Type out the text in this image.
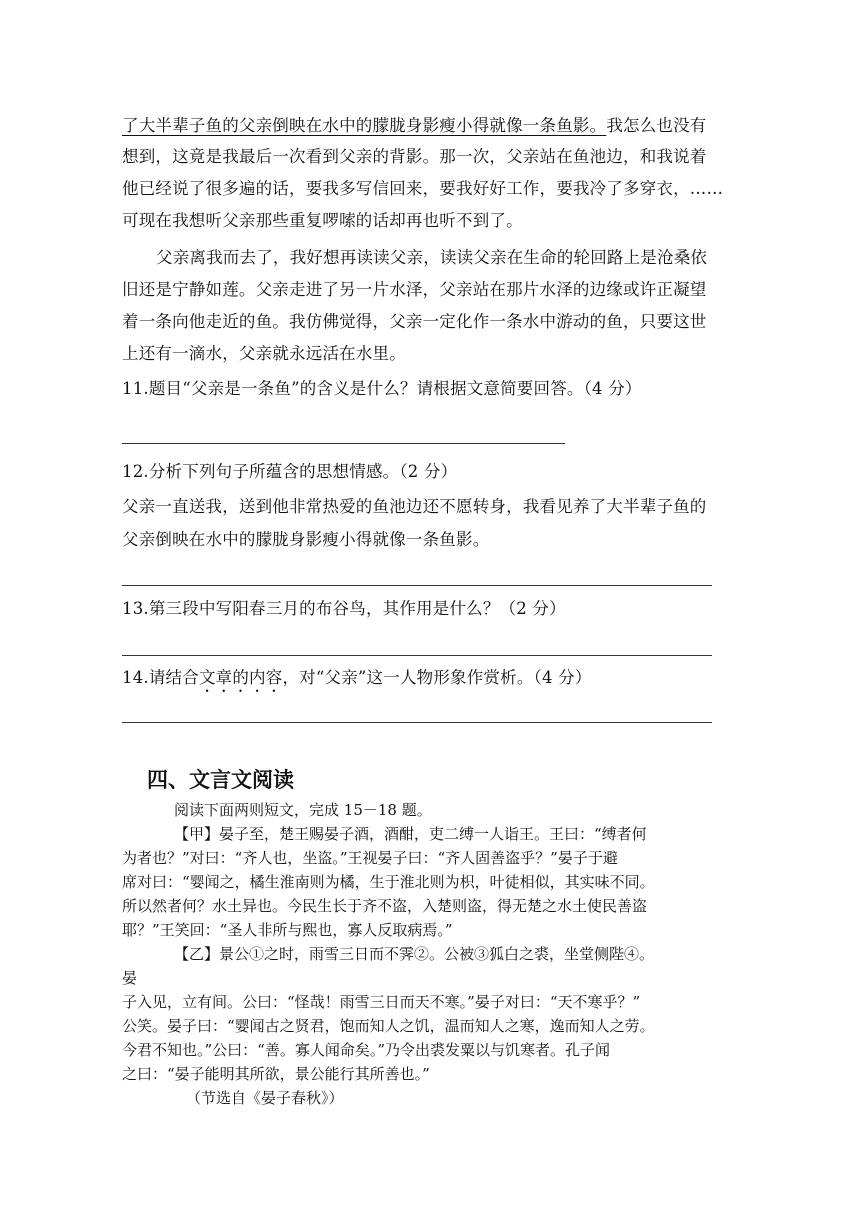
了大半辈子鱼的父亲倒映在水中的朦胧身影瘦小得就像一条鱼影。我怎么也没有
想到，这竟是我最后一次看到父亲的背影。那一次，父亲站在鱼池边，和我说着
他已经说了很多遍的话，要我多写信回来，要我好好工作，要我冷了多穿衣，……
可现在我想听父亲那些重复啰嗦的话却再也听不到了。
父亲离我而去了，我好想再读读父亲，读读父亲在生命的轮回路上是沧桑依
旧还是宁静如莲。父亲走进了另一片水泽，父亲站在那片水泽的边缘或许正凝望
着一条向他走近的鱼。我仿佛觉得，父亲一定化作一条水中游动的鱼，只要这世
上还有一滴水，父亲就永远活在水里。
11.题目“父亲是一条鱼”的含义是什么？请根据文意简要回答。（4 分）
12.分析下列句子所蕴含的思想情感。（2 分）
父亲一直送我，送到他非常热爱的鱼池边还不愿转身，我看见养了大半辈子鱼的
父亲倒映在水中的朦胧身影瘦小得就像一条鱼影。
13.第三段中写阳春三月的布谷鸟，其作用是什么？（2 分）
14.请结合文章的内容，对“父亲”这一人物形象作赏析。（4 分）
四、文言文阅读
阅读下面两则短文，完成 15－18 题。
【甲】晏子至，楚王赐晏子酒，酒酣，吏二缚一人诣王。王曰：“缚者何
为者也？”对曰：“齐人也，坐盗。”王视晏子曰：“齐人固善盗乎？”晏子于避
席对曰：“婴闻之，橘生淮南则为橘，生于淮北则为枳，叶徒相似，其实味不同。
所以然者何？水土异也。今民生长于齐不盗，入楚则盗，得无楚之水土使民善盗
耶？”王笑回：“圣人非所与熙也，寡人反取病焉。”
【乙】景公①之时，雨雪三日而不霁②。公被③狐白之裘，坐堂侧陛④。
晏
子入见，立有间。公曰：“怪哉！雨雪三日而天不寒。”晏子对曰：“天不寒乎？”
公笑。晏子曰：“婴闻古之贤君，饱而知人之饥，温而知人之寒，逸而知人之劳。
今君不知也。”公曰：“善。寡人闻命矣。”乃令出裘发粟以与饥寒者。孔子闻
之曰：“晏子能明其所欲，景公能行其所善也。”
（节选自《晏子春秋》）
